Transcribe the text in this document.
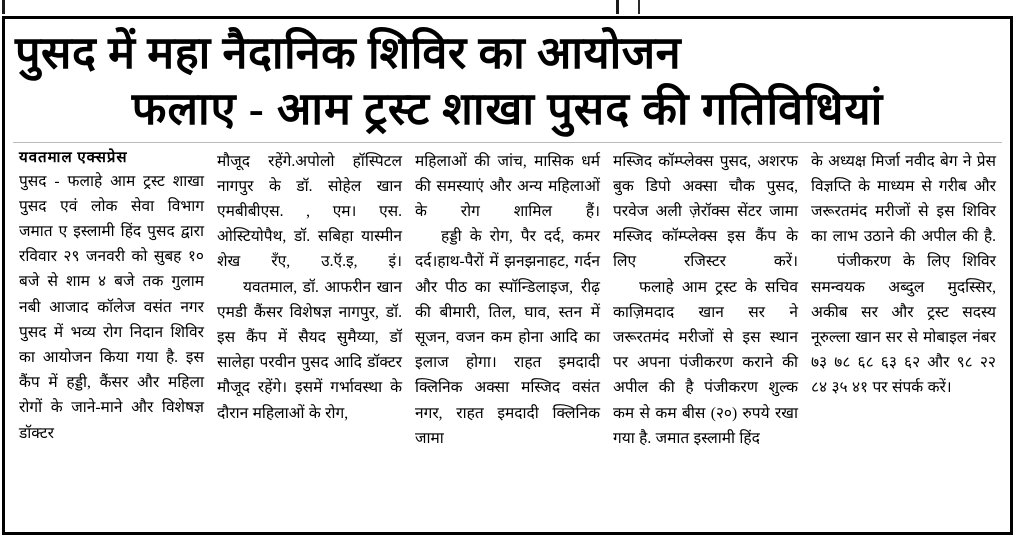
पुसद में महा नैदानिक शिविर का आयोजन
फलाए - आम ट्रस्ट शाखा पुसद की गतिविधियां
यवतमाल एक्सप्रेस

पुसद - फलाहे आम ट्रस्ट शाखा पुसद एवं लोक सेवा विभाग जमात ए इस्लामी हिंद पुसद द्वारा रविवार २९ जनवरी को सुबह १० बजे से शाम ४ बजे तक गुलाम नबी आजाद कॉलेज वसंत नगर पुसद में भव्य रोग निदान शिविर का आयोजन किया गया है. इस कैंप में हड्डी, कैंसर और महिला रोगों के जाने-माने और विशेषज्ञ डॉक्टर

मौजूद रहेंगे.अपोलो हॉस्पिटल नागपुर के डॉ. सोहेल खान एमबीबीएस. , एम। एस. ओस्टियोपैथ, डॉ. सबिहा यास्मीन शेख रँए, उ.ऍ.इ, इं।

यवतमाल, डॉ. आफरीन खान एमडी कैंसर विशेषज्ञ नागपुर, डॉ. इस कैंप में सैयद सुमैय्या, डॉ सालेहा परवीन पुसद आदि डॉक्टर मौजूद रहेंगे। इसमें गर्भावस्था के दौरान महिलाओं के रोग,

महिलाओं की जांच, मासिक धर्म की समस्याएं और अन्य महिलाओं के रोग शामिल हैं।

हड्डी के रोग, पैर दर्द, कमर दर्द।हाथ-पैरों में झनझनाहट, गर्दन और पीठ का स्पॉन्डिलाइज, रीढ़ की बीमारी, तिल, घाव, स्तन में सूजन, वजन कम होना आदि का इलाज होगा। राहत इमदादी क्लिनिक अक्सा मस्जिद वसंत नगर, राहत इमदादी क्लिनिक जामा

मस्जिद कॉम्प्लेक्स पुसद, अशरफ बुक डिपो अक्सा चौक पुसद, परवेज अली ज़ेरॉक्स सेंटर जामा मस्जिद कॉम्प्लेक्स इस कैंप के लिए रजिस्टर करें।

फलाहे आम ट्रस्ट के सचिव काज़िमदाद खान सर ने जरूरतमंद मरीजों से इस स्थान पर अपना पंजीकरण कराने की अपील की है पंजीकरण शुल्क कम से कम बीस (२०) रुपये रखा गया है. जमात इस्लामी हिंद

के अध्यक्ष मिर्जा नवीद बेग ने प्रेस विज्ञप्ति के माध्यम से गरीब और जरूरतमंद मरीजों से इस शिविर का लाभ उठाने की अपील की है.

पंजीकरण के लिए शिविर समन्वयक अब्दुल मुदस्सिर, अकीब सर और ट्रस्ट सदस्य नूरुल्ला खान सर से मोबाइल नंबर ७३ ७८ ६८ ६३ ६२ और ९८ २२ ८४ ३५ ४१ पर संपर्क करें।
